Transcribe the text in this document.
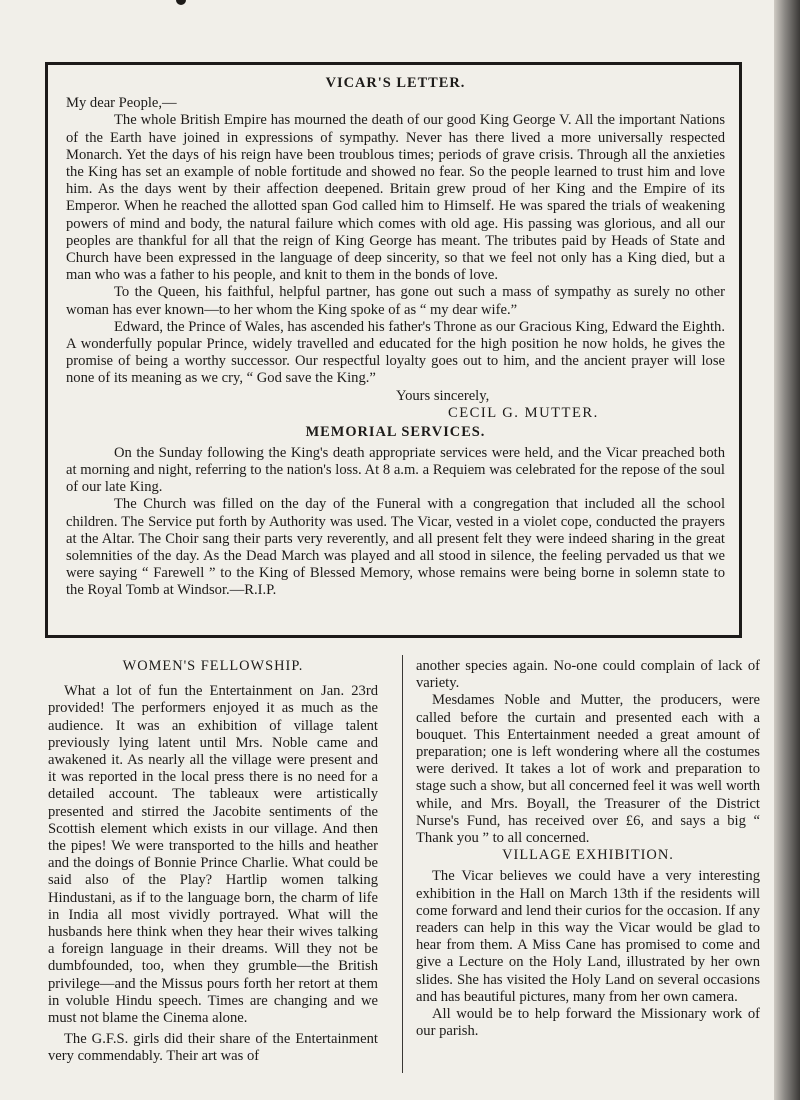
VICAR'S LETTER.

My dear People,—

The whole British Empire has mourned the death of our good King George V. All the important Nations of the Earth have joined in expressions of sympathy. Never has there lived a more universally respected Monarch. Yet the days of his reign have been troublous times; periods of grave crisis. Through all the anxieties the King has set an example of noble fortitude and showed no fear. So the people learned to trust him and love him. As the days went by their affection deepened. Britain grew proud of her King and the Empire of its Emperor. When he reached the allotted span God called him to Himself. He was spared the trials of weakening powers of mind and body, the natural failure which comes with old age. His passing was glorious, and all our peoples are thankful for all that the reign of King George has meant. The tributes paid by Heads of State and Church have been expressed in the language of deep sincerity, so that we feel not only has a King died, but a man who was a father to his people, and knit to them in the bonds of love.

To the Queen, his faithful, helpful partner, has gone out such a mass of sympathy as surely no other woman has ever known—to her whom the King spoke of as “ my dear wife.”

Edward, the Prince of Wales, has ascended his father's Throne as our Gracious King, Edward the Eighth. A wonderfully popular Prince, widely travelled and educated for the high position he now holds, he gives the promise of being a worthy successor. Our respectful loyalty goes out to him, and the ancient prayer will lose none of its meaning as we cry, “ God save the King.”

Yours sincerely,
CECIL G. MUTTER.
MEMORIAL SERVICES.

On the Sunday following the King's death appropriate services were held, and the Vicar preached both at morning and night, referring to the nation's loss. At 8 a.m. a Requiem was celebrated for the repose of the soul of our late King.

The Church was filled on the day of the Funeral with a congregation that included all the school children. The Service put forth by Authority was used. The Vicar, vested in a violet cope, conducted the prayers at the Altar. The Choir sang their parts very reverently, and all present felt they were indeed sharing in the great solemnities of the day. As the Dead March was played and all stood in silence, the feeling pervaded us that we were saying “ Farewell ” to the King of Blessed Memory, whose remains were being borne in solemn state to the Royal Tomb at Windsor.—R.I.P.

WOMEN'S FELLOWSHIP.

What a lot of fun the Entertainment on Jan. 23rd provided! The performers enjoyed it as much as the audience. It was an exhibition of village talent previously lying latent until Mrs. Noble came and awakened it. As nearly all the village were present and it was reported in the local press there is no need for a detailed account. The tableaux were artistically presented and stirred the Jacobite sentiments of the Scottish element which exists in our village. And then the pipes! We were transported to the hills and heather and the doings of Bonnie Prince Charlie. What could be said also of the Play? Hartlip women talking Hindustani, as if to the language born, the charm of life in India all most vividly portrayed. What will the husbands here think when they hear their wives talking a foreign language in their dreams. Will they not be dumbfounded, too, when they grumble—the British privilege—and the Missus pours forth her retort at them in voluble Hindu speech. Times are changing and we must not blame the Cinema alone.

The G.F.S. girls did their share of the Entertainment very commendably. Their art was of

another species again. No-one could complain of lack of variety.

Mesdames Noble and Mutter, the producers, were called before the curtain and presented each with a bouquet. This Entertainment needed a great amount of preparation; one is left wondering where all the costumes were derived. It takes a lot of work and preparation to stage such a show, but all concerned feel it was well worth while, and Mrs. Boyall, the Treasurer of the District Nurse's Fund, has received over £6, and says a big “ Thank you ” to all concerned.

VILLAGE EXHIBITION.

The Vicar believes we could have a very interesting exhibition in the Hall on March 13th if the residents will come forward and lend their curios for the occasion. If any readers can help in this way the Vicar would be glad to hear from them. A Miss Cane has promised to come and give a Lecture on the Holy Land, illustrated by her own slides. She has visited the Holy Land on several occasions and has beautiful pictures, many from her own camera.

All would be to help forward the Missionary work of our parish.
